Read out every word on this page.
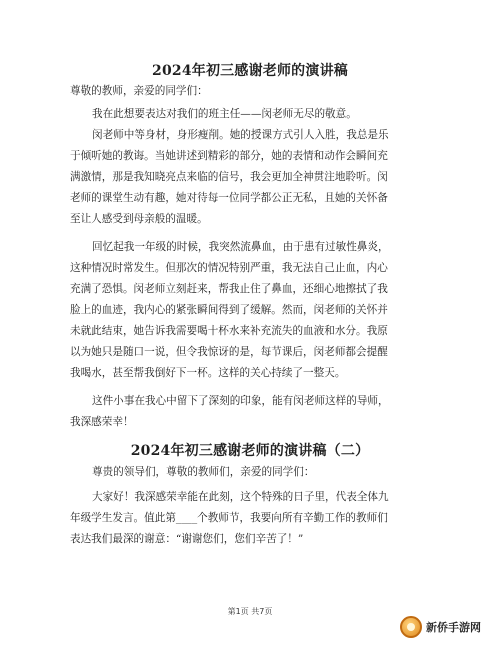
2024年初三感谢老师的演讲稿
尊敬的教师，亲爱的同学们：
我在此想要表达对我们的班主任——闵老师无尽的敬意。
闵老师中等身材，身形瘦削。她的授课方式引人入胜，我总是乐
于倾听她的教诲。当她讲述到精彩的部分，她的表情和动作会瞬间充
满激情，那是我知晓亮点来临的信号，我会更加全神贯注地聆听。闵
老师的课堂生动有趣，她对待每一位同学都公正无私，且她的关怀备
至让人感受到母亲般的温暖。
回忆起我一年级的时候，我突然流鼻血，由于患有过敏性鼻炎，
这种情况时常发生。但那次的情况特别严重，我无法自己止血，内心
充满了恐惧。闵老师立刻赶来，帮我止住了鼻血，还细心地擦拭了我
脸上的血迹，我内心的紧张瞬间得到了缓解。然而，闵老师的关怀并
未就此结束，她告诉我需要喝十杯水来补充流失的血液和水分。我原
以为她只是随口一说，但令我惊讶的是，每节课后，闵老师都会提醒
我喝水，甚至帮我倒好下一杯。这样的关心持续了一整天。
这件小事在我心中留下了深刻的印象，能有闵老师这样的导师，
我深感荣幸！
2024年初三感谢老师的演讲稿（二）
尊贵的领导们，尊敬的教师们，亲爱的同学们：
大家好！我深感荣幸能在此刻，这个特殊的日子里，代表全体九
年级学生发言。值此第____个教师节，我要向所有辛勤工作的教师们
表达我们最深的谢意：“谢谢您们，您们辛苦了！”
第1页 共7页
新侨手游网
